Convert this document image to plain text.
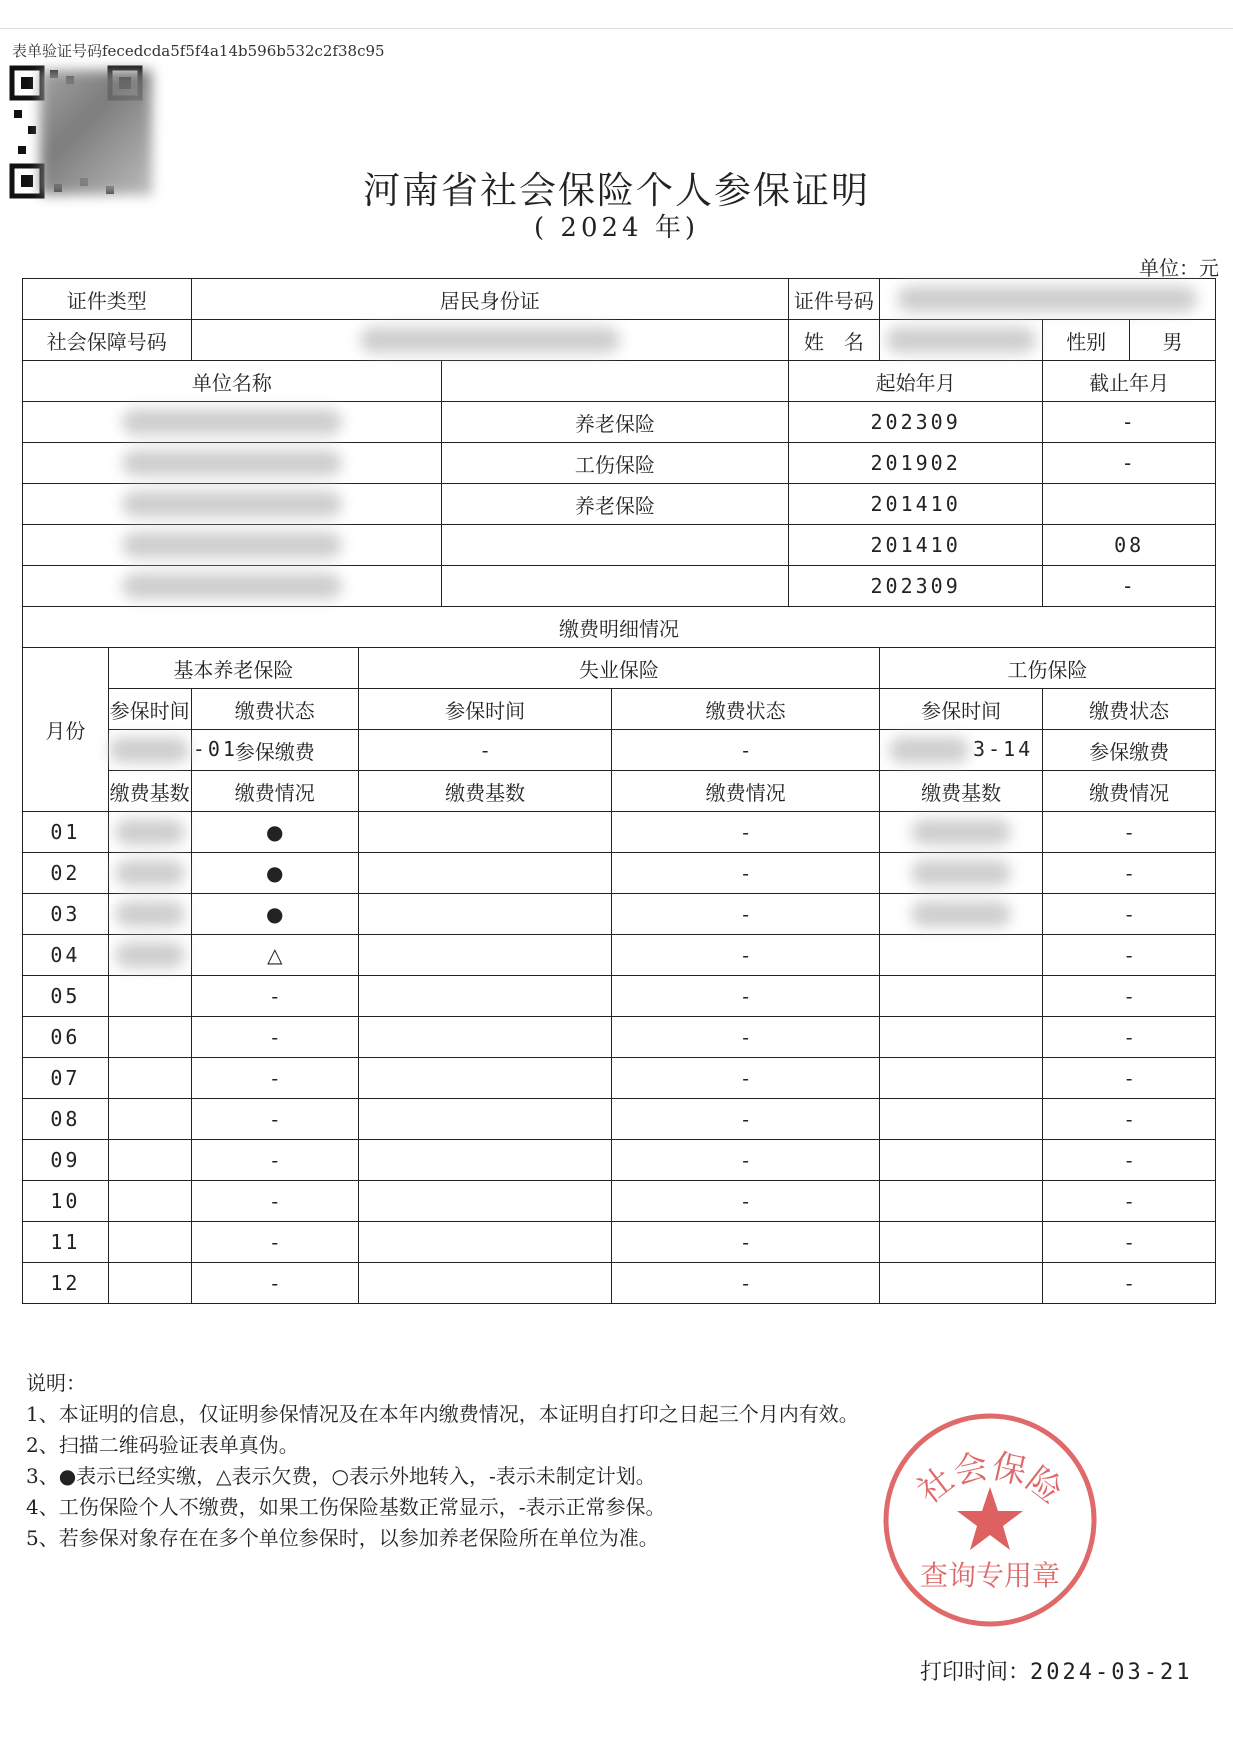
表单验证号码fecedcda5f5f4a14b596b532c2f38c95
河南省社会保险个人参保证明
( 2024 年)
单位：元
证件类型		居民身份证				证件号码			
社会保障号码						姓　名		性别	男
单位名称						起始年月		截止年月	
				养老保险		202309		-	
				工伤保险		201902		-	
				养老保险		201410			
						201410		08	
						202309		-	
缴费明细情况									
月份	基本养老保险		失业保险				工伤保险		
	参保时间	缴费状态	参保时间		缴费状态		参保时间	缴费状态	
	-01	参保缴费	-		-		3-14	参保缴费	
	缴费基数	缴费情况	缴费基数		缴费情况		缴费基数	缴费情况	
01		●			-			-	
02		●			-			-	
03		●			-			-	
04		△			-			-	
05		-			-			-	
06		-			-			-	
07		-			-			-	
08		-			-			-	
09		-			-			-	
10		-			-			-	
11		-			-			-	
12		-			-			-	
说明：
1、本证明的信息，仅证明参保情况及在本年内缴费情况，本证明自打印之日起三个月内有效。
2、扫描二维码验证表单真伪。
3、●表示已经实缴，△表示欠费，○表示外地转入，-表示未制定计划。
4、工伤保险个人不缴费，如果工伤保险基数正常显示，-表示正常参保。
5、若参保对象存在在多个单位参保时，以参加养老保险所在单位为准。
社会保险
查询专用章
打印时间：2024-03-21
